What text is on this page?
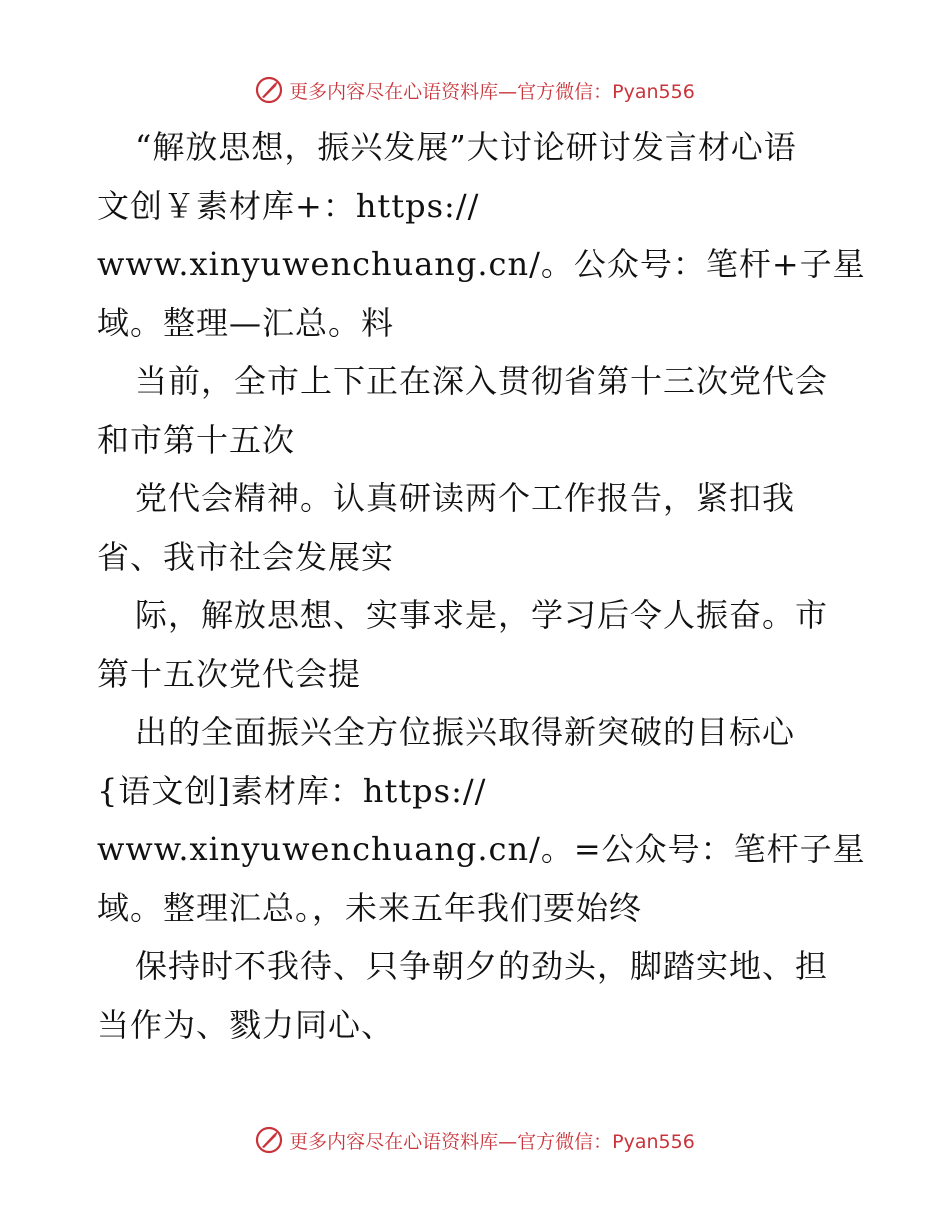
更多内容尽在心语资料库—官方微信：Pyan556
“解放思想，振兴发展”大讨论研讨发言材心语
文创￥素材库+：https://
www.xinyuwenchuang.cn/。公众号：笔杆+子星
域。整理—汇总。料
当前，全市上下正在深入贯彻省第十三次党代会
和市第十五次
党代会精神。认真研读两个工作报告，紧扣我
省、我市社会发展实
际，解放思想、实事求是，学习后令人振奋。市
第十五次党代会提
出的全面振兴全方位振兴取得新突破的目标心
{语文创]素材库：https://
www.xinyuwenchuang.cn/。=公众号：笔杆子星
域。整理汇总。，未来五年我们要始终
保持时不我待、只争朝夕的劲头，脚踏实地、担
当作为、戮力同心、
更多内容尽在心语资料库—官方微信：Pyan556
